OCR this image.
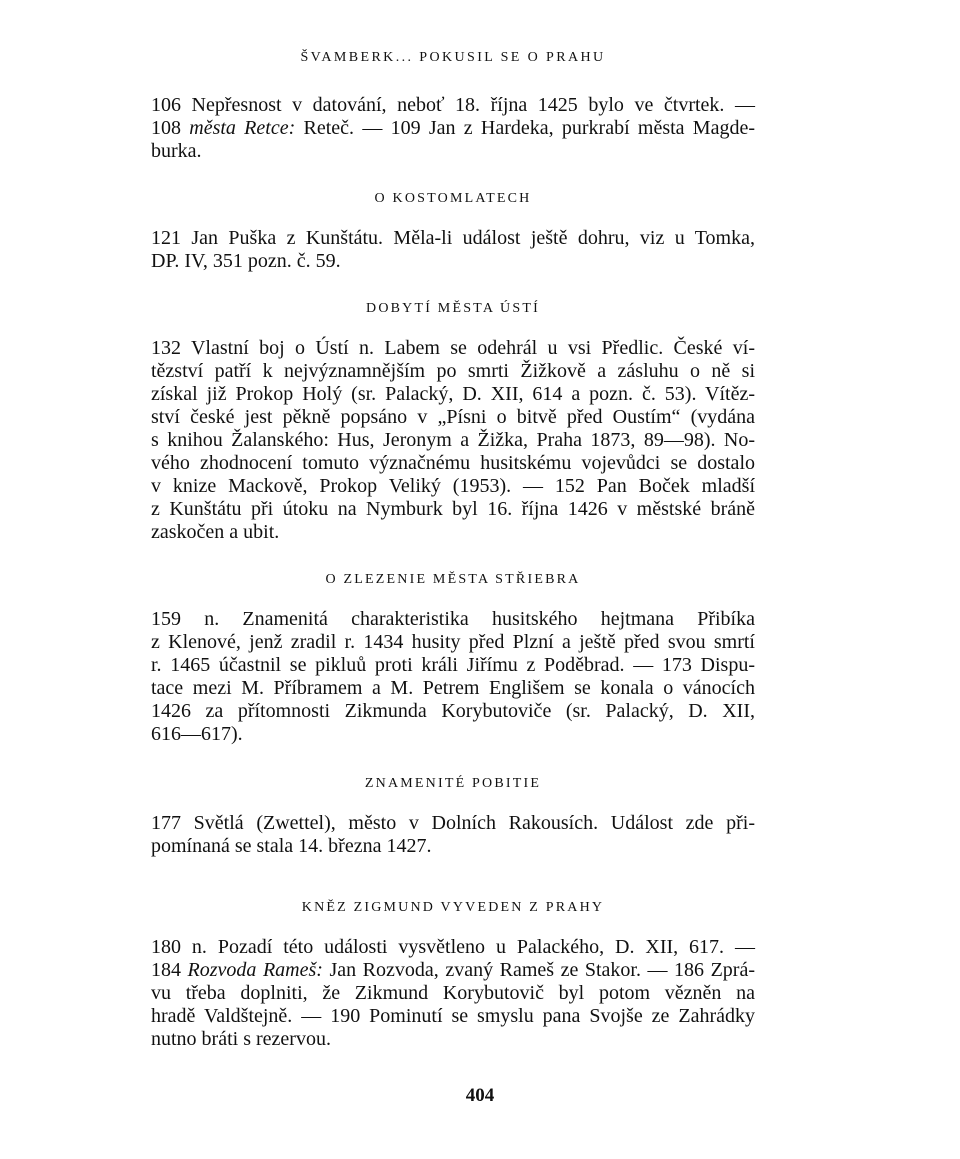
ŠVAMBERK... POKUSIL SE O PRAHU
106 Nepřesnost v datování, neboť 18. října 1425 bylo ve čtvrtek. —
108 města Retce: Reteč. — 109 Jan z Hardeka, purkrabí města Magde-
burka.
O KOSTOMLATECH
121 Jan Puška z Kunštátu. Měla-li událost ještě dohru, viz u Tomka,
DP. IV, 351 pozn. č. 59.
DOBYTÍ MĚSTA ÚSTÍ
132 Vlastní boj o Ústí n. Labem se odehrál u vsi Předlic. České ví-
tězství patří k nejvýznamnějším po smrti Žižkově a zásluhu o ně si
získal již Prokop Holý (sr. Palacký, D. XII, 614 a pozn. č. 53). Vítěz-
ství české jest pěkně popsáno v „Písni o bitvě před Oustím“ (vydána
s knihou Žalanského: Hus, Jeronym a Žižka, Praha 1873, 89—98). No-
vého zhodnocení tomuto význačnému husitskému vojevůdci se dostalo
v knize Mackově, Prokop Veliký (1953). — 152 Pan Boček mladší
z Kunštátu při útoku na Nymburk byl 16. října 1426 v městské bráně
zaskočen a ubit.
O ZLEZENIE MĚSTA STŘIEBRA
159 n. Znamenitá charakteristika husitského hejtmana Přibíka
z Klenové, jenž zradil r. 1434 husity před Plzní a ještě před svou smrtí
r. 1465 účastnil se pikluů proti králi Jiřímu z Poděbrad. — 173 Dispu-
tace mezi M. Příbramem a M. Petrem Englišem se konala o vánocích
1426 za přítomnosti Zikmunda Korybutoviče (sr. Palacký, D. XII,
616—617).
ZNAMENITÉ POBITIE
177 Světlá (Zwettel), město v Dolních Rakousích. Událost zde při-
pomínaná se stala 14. března 1427.
KNĚZ ZIGMUND VYVEDEN Z PRAHY
180 n. Pozadí této události vysvětleno u Palackého, D. XII, 617. —
184 Rozvoda Rameš: Jan Rozvoda, zvaný Rameš ze Stakor. — 186 Zprá-
vu třeba doplniti, že Zikmund Korybutovič byl potom vězněn na
hradě Valdštejně. — 190 Pominutí se smyslu pana Svojše ze Zahrádky
nutno bráti s rezervou.
404
